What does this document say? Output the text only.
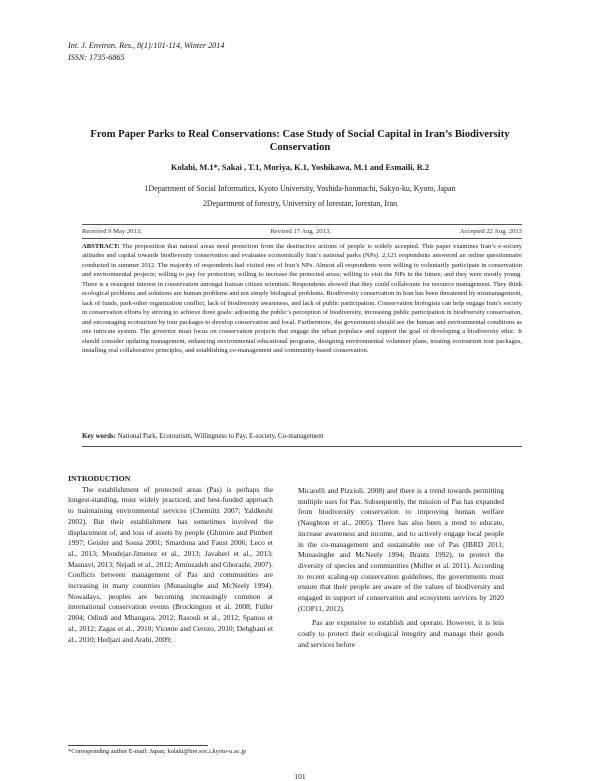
Int. J. Environ. Res., 8(1):101-114, Winter 2014
ISSN: 1735-6865
From Paper Parks to Real Conservations: Case Study of Social Capital in Iran’s Biodiversity Conservation
Kolahi, M.1*, Sakai , T.1, Moriya, K.1, Yoshikawa, M.1 and Esmaili, R.2
1Department of Social Informatics, Kyoto University, Yoshida-honmachi, Sakyo-ku, Kyoto, Japan
2Department of forestry, University of lorestan, lorestan, Iran
Received 9 May 2013;	Revised 17 Aug. 2013;	Accepted 22 Aug. 2013
ABSTRACT: The proposition that natural areas need protection from the destructive actions of people is widely accepted. This paper examines Iran’s e-society attitudes and capital towards biodiversity conservation and evaluates economically Iran’s national parks (NPs). 2,121 respondents answered an online questionnaire conducted in summer 2012. The majority of respondents had visited one of Iran’s NPs. Almost all respondents were willing to voluntarily participate in conservation and environmental projects; willing to pay for protection; willing to increase the protected areas; willing to visit the NPs in the future; and they were mostly young. There is a resurgent interest in conservation amongst Iranian citizen scientists. Respondents showed that they could collaborate for resource management. They think ecological problems and solutions are human problems and not simply biological problems. Biodiversity conservation in Iran has been threatened by mismanagement, lack of funds, park-other organization conflict, lack of biodiversity awareness, and lack of public participation. Conservation biologists can help engage Iran’s society in conservation efforts by striving to achieve three goals: adjusting the public’s perception of biodiversity, increasing public participation in biodiversity conservation, and encouraging ecotourism by tour packages to develop conservation and local. Furthermore, the government should see the human and environmental conditions as one intricate system. The governor must focus on conservation projects that engage the urban populace and support the goal of developing a biodiversity ethic. It should consider updating management, enhancing environmental educational programs, designing environmental volunteer plans, treating ecotourism tour packages, installing real collaborative principles, and establishing co-management and community-based conservation.
Key words: National Park, Ecotourism, Willingness to Pay, E-society, Co-management
INTRODUCTION
The establishment of protected areas (Pas) is perhaps the longest-standing, most widely practiced, and best-funded approach to maintaining environmental services (Chemiitz 2007; Yaldkeshi 2002). But their establishment has sometimes involved the displacement of, and loss of assets by people (Ghimire and Pimbert 1997; Geisler and Sousa 2001; Smardona and Faust 2006; Leco et al., 2013; Mondejar-Jimenez et al., 2013; Javaheri et al., 2013; Masnavi, 2013; Nejadi et al., 2012; Aminzadeh and Ghorashi, 2007). Conflicts between management of Pas and communities are increasing in many countries (Munasinghe and McNeely 1994). Nowadays, peoples are becoming increasingly common at international conservation events (Brockington et al. 2008; Fuller 2004; Odindi and Mhangara, 2012; Rasouli et al., 2012; Spanou et al., 2012; Zagas et al., 2010; Vicente and Cerezo, 2010; Dehghani et al., 2010; Hedjazi and Arabi, 2009;
Micarelli and Pizzioli, 2008) and there is a trend towards permitting multiple uses for Pas. Subsequently, the mission of Pas has expanded from biodiversity conservation to improving human welfare (Naughton et al., 2005). There has also been a trend to educate, increase awareness and income, and to actively engage local people in the co-management and sustainable use of Pas (IBRD 2011; Munasinghe and McNeely 1994; Brantz 1992), to protect the diversity of species and communities (Muller et al. 2011). According to recent scaling-up conservation guidelines, the governments must ensure that their people are aware of the values of biodiversity and engaged in support of conservation and ecosystem services by 2020 (COP11, 2012).
Pas are expensive to establish and operate. However, it is less costly to protect their ecological integrity and manage their goods and services before
*Corresponding author E-mail: Japan; kolahi@bre.soc.i.kyoto-u.ac.jp
101
